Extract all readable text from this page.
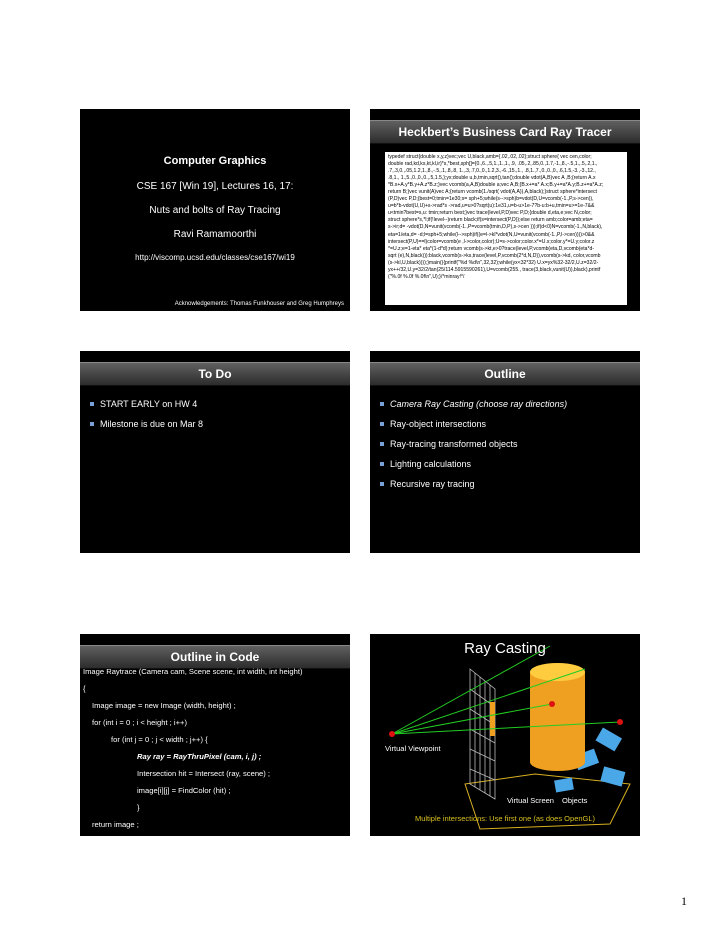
Computer Graphics
CSE 167 [Win 19], Lectures 16, 17:
Nuts and bolts of Ray Tracing
Ravi Ramamoorthi
http://viscomp.ucsd.edu/classes/cse167/wi19
Acknowledgements: Thomas Funkhouser and Greg Humphreys
Heckbert’s Business Card Ray Tracer
typedef struct{double x,y,z}vec;vec U,black,amb={.02,.02,.02};struct sphere{ vec cen,color;
double rad,kd,ks,kt,kl,ir}*s,*best,sph[]={0.,6.,.5,1.,1.,1.,.9, .05,.2,.85,0.,1.7,-1.,8.,-.5,1.,.5,.2,1.,
.7,.3,0.,.05,1.2,1.,8.,-.5,.1,.8,.8, 1.,.3,.7,0.,0.,1.2,3.,-6.,15.,1., .8,1.,7.,0.,0.,0.,.6,1.5,-3.,-3.,12.,
.8,1., 1.,5.,0.,0.,0.,.5,1.5,};yx;double u,b,tmin,sqrt(),tan();double vdot(A,B)vec A ,B;{return A.x
*B.x+A.y*B.y+A.z*B.z;}vec vcomb(a,A,B)double a;vec A,B;{B.x+=a* A.x;B.y+=a*A.y;B.z+=a*A.z;
return B;}vec vunit(A)vec A;{return vcomb(1./sqrt( vdot(A,A)),A,black);}struct sphere*intersect
(P,D)vec P,D;{best=0;tmin=1e30;s= sph+5;while(s-->sph)b=vdot(D,U=vcomb(-1.,P,s->cen)),
u=b*b-vdot(U,U)+s->rad*s ->rad,u=u>0?sqrt(u):1e31,u=b-u>1e-7?b-u:b+u,tmin=u>=1e-7&&
u<tmin?best=s,u: tmin;return best;}vec trace(level,P,D)vec P,D;{double d,eta,e;vec N,color;
struct sphere*s,*l;if(!level--)return black;if(s=intersect(P,D));else return amb;color=amb;eta=
s->ir;d= -vdot(D,N=vunit(vcomb(-1.,P=vcomb(tmin,D,P),s->cen )));if(d<0)N=vcomb(-1.,N,black),
eta=1/eta,d= -d;l=sph+5;while(l-->sph)if((e=l->kl*vdot(N,U=vunit(vcomb(-1.,P,l->cen))))>0&&
intersect(P,U)==l)color=vcomb(e ,l->color,color);U=s->color;color.x*=U.x;color.y*=U.y;color.z
*=U.z;e=1-eta* eta*(1-d*d);return vcomb(s->kt,e>0?trace(level,P,vcomb(eta,D,vcomb(eta*d-
sqrt (e),N,black))):black,vcomb(s->ks,trace(level,P,vcomb(2*d,N,D)),vcomb(s->kd, color,vcomb
(s->kl,U,black))));}main(){printf("%d %d\n",32,32);while(yx<32*32) U.x=yx%32-32/2,U.z=32/2-
yx++/32,U.y=32/2/tan(25/114.5915590261),U=vcomb(255., trace(3,black,vunit(U)),black),printf
("%.0f %.0f %.0f\n",U);}/*minray!*/
To Do
START EARLY on HW 4
Milestone is due on Mar 8
Outline
Camera Ray Casting (choose ray directions)
Ray-object intersections
Ray-tracing transformed objects
Lighting calculations
Recursive ray tracing
Outline in Code
Image Raytrace (Camera cam, Scene scene, int width, int height)
{
Image image = new Image (width, height) ;
for (int i = 0 ; i < height ; i++)
for (int j = 0 ; j < width ; j++) {
Ray ray = RayThruPixel (cam, i, j) ;
Intersection hit = Intersect (ray, scene) ;
image[i][j] = FindColor (hit) ;
}
return image ;
}
Ray Casting
Virtual Viewpoint
Virtual Screen Objects
Multiple intersections: Use first one (as does OpenGL)
1
